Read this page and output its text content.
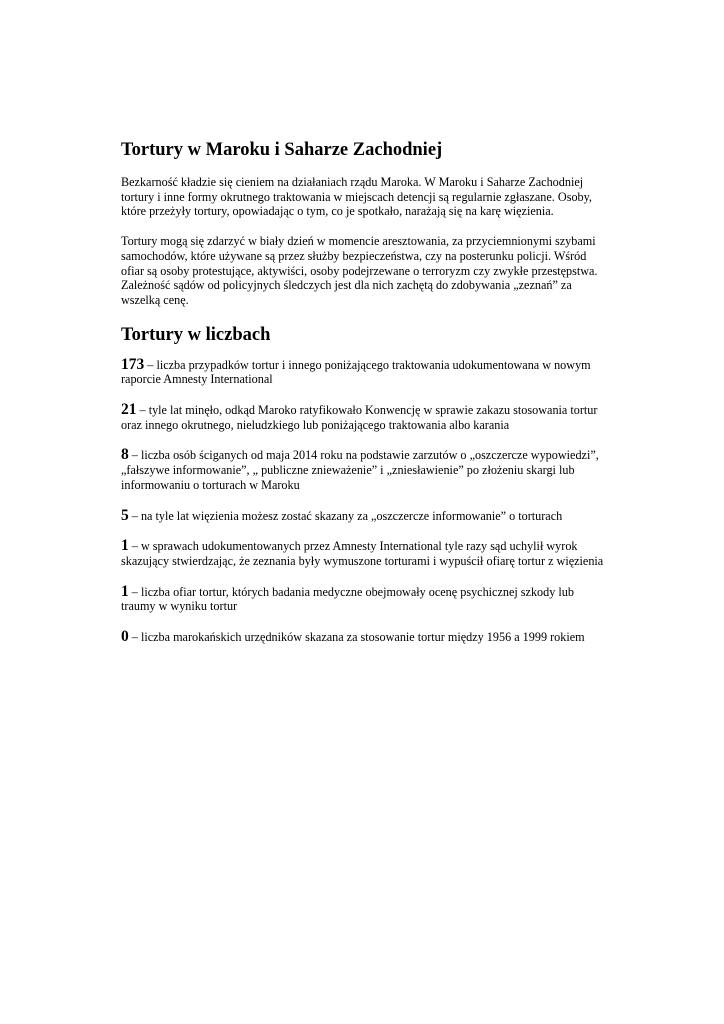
Tortury w Maroku i Saharze Zachodniej

Bezkarność kładzie się cieniem na działaniach rządu Maroka. W Maroku i Saharze Zachodniej tortury i inne formy okrutnego traktowania w miejscach detencji są regularnie zgłaszane. Osoby, które przeżyły tortury, opowiadając o tym, co je spotkało, narażają się na karę więzienia.

Tortury mogą się zdarzyć w biały dzień w momencie aresztowania, za przyciemnionymi szybami samochodów, które używane są przez służby bezpieczeństwa, czy na posterunku policji. Wśród ofiar są osoby protestujące, aktywiści, osoby podejrzewane o terroryzm czy zwykłe przestępstwa. Zależność sądów od policyjnych śledczych jest dla nich zachętą do zdobywania „zeznań” za wszelką cenę.

Tortury w liczbach

173 – liczba przypadków tortur i innego poniżającego traktowania udokumentowana w nowym raporcie Amnesty International

21 – tyle lat minęło, odkąd Maroko ratyfikowało Konwencję w sprawie zakazu stosowania tortur oraz innego okrutnego, nieludzkiego lub poniżającego traktowania albo karania

8 – liczba osób ściganych od maja 2014 roku na podstawie zarzutów o „oszczercze wypowiedzi”, „fałszywe informowanie”, „ publiczne znieważenie” i „zniesławienie” po złożeniu skargi lub informowaniu o torturach w Maroku

5 – na tyle lat więzienia możesz zostać skazany za „oszczercze informowanie” o torturach

1 – w sprawach udokumentowanych przez Amnesty International tyle razy sąd uchylił wyrok skazujący stwierdzając, że zeznania były wymuszone torturami i wypuścił ofiarę tortur z więzienia

1 – liczba ofiar tortur, których badania medyczne obejmowały ocenę psychicznej szkody lub traumy w wyniku tortur

0 – liczba marokańskich urzędników skazana za stosowanie tortur między 1956 a 1999 rokiem
